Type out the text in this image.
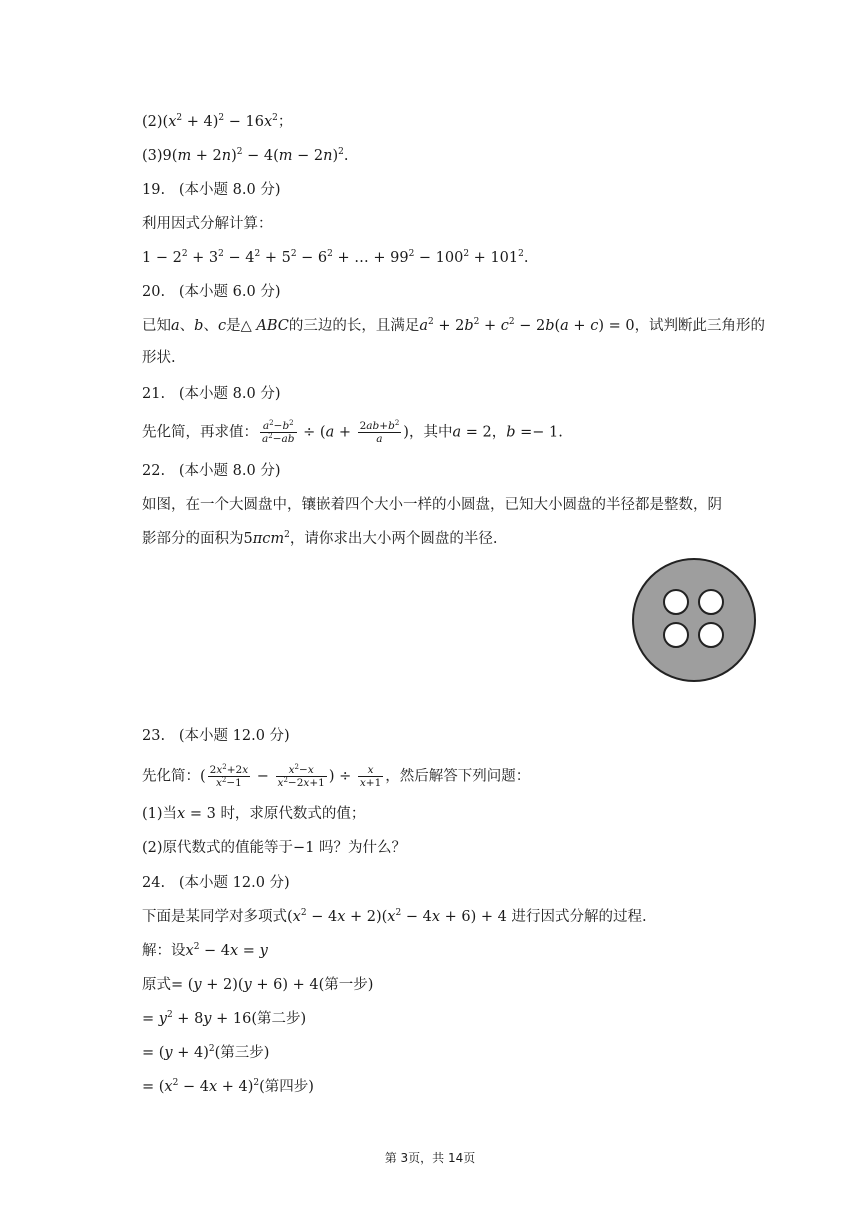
$(2)(x^2 + 4)^2 - 16x^2$；
$(3)9(m + 2n)^2 - 4(m - 2n)^2$.
19. (本小题 8.0 分)
利用因式分解计算：
$1 - 2^2 + 3^2 - 4^2 + 5^2 - 6^2$ + … + $99^2 - 100^2 + 101^2$.
20. (本小题 6.0 分)
已知a、b、c是△ ABC的三边的长，且满足$a^2 + 2b^2 + c^2 - 2b(a + c) = 0$，试判断此三角形的
形状.
21. (本小题 8.0 分)
先化简，再求值： $\frac{a^2-b^2}{a^2-ab} \div (a + \frac{2ab+b^2}{a}$ )，其中a = 2，b =− 1.
22. (本小题 8.0 分)
如图，在一个大圆盘中，镶嵌着四个大小一样的小圆盘，已知大小圆盘的半径都是整数，阴
影部分的面积为5πcm$^2$，请你求出大小两个圆盘的半径.
23. (本小题 12.0 分)
先化简：( $\frac{2x^2+2x}{x^2-1} - \frac{x^2-x}{x^2-2x+1}$ ) ÷ $\frac{x}{x+1}$ ，然后解答下列问题：
(1)当x = 3 时，求原代数式的值；
(2)原代数式的值能等于−1 吗？为什么？
24. (本小题 12.0 分)
下面是某同学对多项式$(x^2 - 4x + 2)(x^2 - 4x + 6) + 4$ 进行因式分解的过程.
解：设$x^2 - 4x = y$
原式= (y + 2)(y + 6) + 4(第一步)
= $y^2 + 8y + 16$(第二步)
= $(y + 4)^2$(第三步)
= $(x^2 - 4x + 4)^2$(第四步)
第 3页，共 14页
